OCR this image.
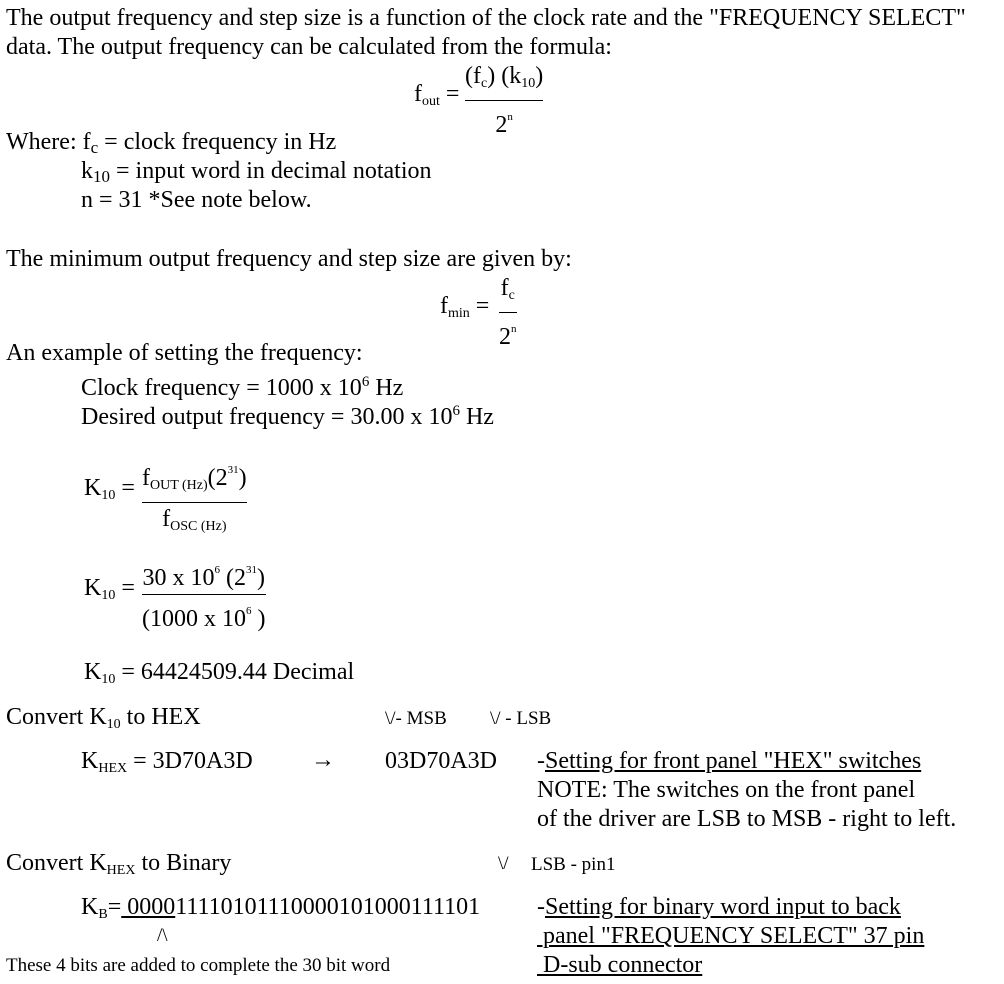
The output frequency and step size is a function of the clock rate and the "FREQUENCY SELECT"
data. The output frequency can be calculated from the formula:
$f_{out}$ =
$(f_c)$ $(k_{10})$
2$^n$
Where: $f_c$ = clock frequency in Hz
$k_{10}$ = input word in decimal notation
n = 31 *See note below.
The minimum output frequency and step size are given by:
$f_{min}$ =
$f_c$
2$^n$
An example of setting the frequency:
Clock frequency = 1000 x $10^6$ Hz
Desired output frequency = 30.00 x $10^6$ Hz
$K_{10} = f_{OUT (Hz)}(2^{31})$
$f_{OSC (Hz)}$
$K_{10} = 30$ x $10^6$ $(2^{31})$
(1000 x $10^6$ )
$K_{10} = 64424509.44$ Decimal
Convert $K_{10}$ to HEX	\/- MSB \/ - LSB
$K_{HEX} = 3D70A3D \to 03D70A3D$ -Setting for front panel "HEX" switches
NOTE: The switches on the front panel
of the driver are LSB to MSB - right to left.
Convert $K_{HEX}$ to Binary	\/ LSB - pin1
$K_B= 000011110101110000101000111101$
/\
These 4 bits are added to complete the 30 bit word
-Setting for binary word input to back
panel "FREQUENCY SELECT" 37 pin
D-sub connector
